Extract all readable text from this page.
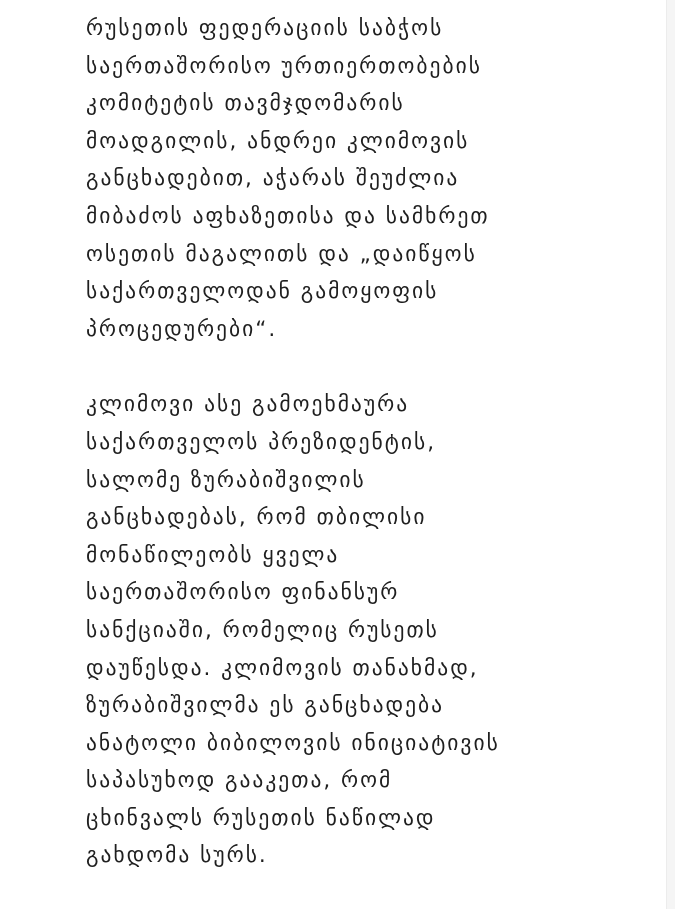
რუსეთის ფედერაციის საბჭოს
საერთაშორისო ურთიერთობების
კომიტეტის თავმჯდომარის
მოადგილის, ანდრეი კლიმოვის
განცხადებით, აჭარას შეუძლია
მიბაძოს აფხაზეთისა და სამხრეთ
ოსეთის მაგალითს და „დაიწყოს
საქართველოდან გამოყოფის
პროცედურები“.

კლიმოვი ასე გამოეხმაურა
საქართველოს პრეზიდენტის,
სალომე ზურაბიშვილის
განცხადებას, რომ თბილისი
მონაწილეობს ყველა
საერთაშორისო ფინანსურ
სანქციაში, რომელიც რუსეთს
დაუწესდა. კლიმოვის თანახმად,
ზურაბიშვილმა ეს განცხადება
ანატოლი ბიბილოვის ინიციატივის
საპასუხოდ გააკეთა, რომ
ცხინვალს რუსეთის ნაწილად
გახდომა სურს.
